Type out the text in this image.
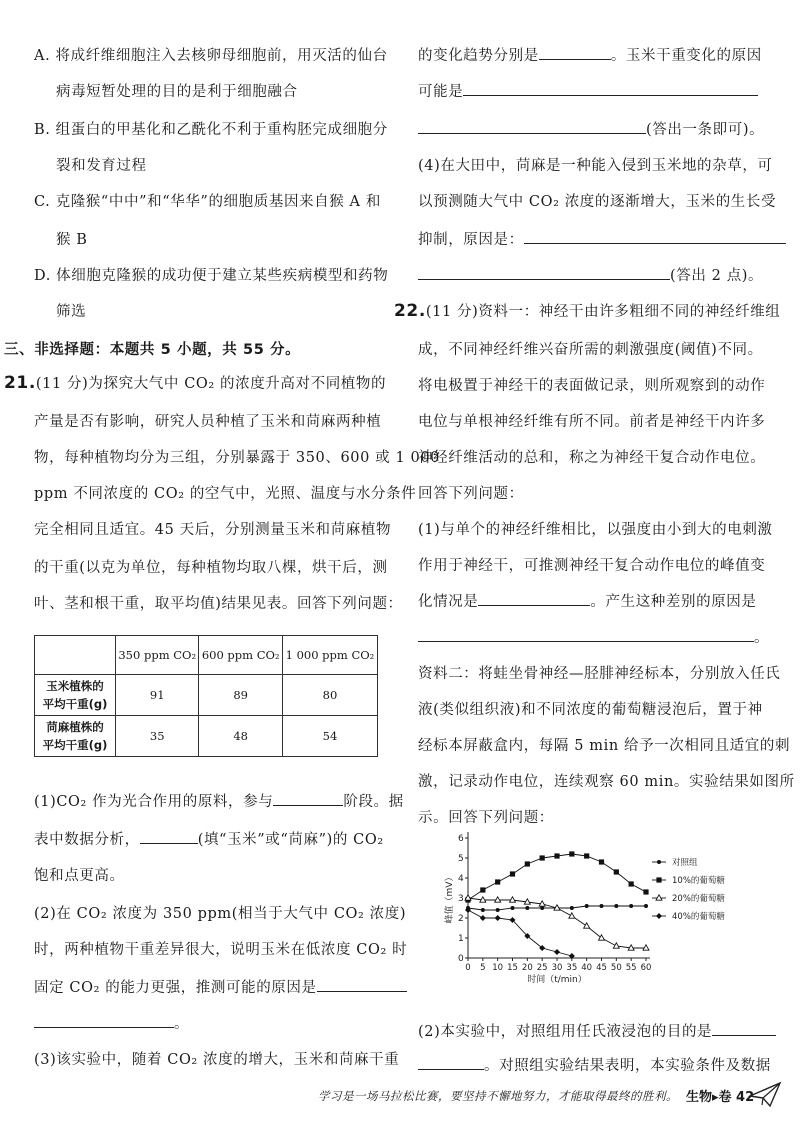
A. 将成纤维细胞注入去核卵母细胞前，用灭活的仙台
病毒短暂处理的目的是利于细胞融合
B. 组蛋白的甲基化和乙酰化不利于重构胚完成细胞分
裂和发育过程
C. 克隆猴“中中”和“华华”的细胞质基因来自猴 A 和
猴 B
D. 体细胞克隆猴的成功便于建立某些疾病模型和药物
筛选
三、非选择题：本题共 5 小题，共 55 分。
21.(11 分)为探究大气中 CO₂ 的浓度升高对不同植物的
产量是否有影响，研究人员种植了玉米和苘麻两种植
物，每种植物均分为三组，分别暴露于 350、600 或 1 000
ppm 不同浓度的 CO₂ 的空气中，光照、温度与水分条件
完全相同且适宜。45 天后，分别测量玉米和苘麻植物
的干重(以克为单位，每种植物均取八棵，烘干后，测
叶、茎和根干重，取平均值)结果见表。回答下列问题：
	350 ppm CO₂	600 ppm CO₂	1 000 ppm CO₂

玉米植株的
平均干重(g)	91	89	80

苘麻植株的
平均干重(g)	35	48	54
(1)CO₂ 作为光合作用的原料，参与	阶段。据
表中数据分析，	(填“玉米”或“苘麻”)的 CO₂
饱和点更高。
(2)在 CO₂ 浓度为 350 ppm(相当于大气中 CO₂ 浓度)
时，两种植物干重差异很大，说明玉米在低浓度 CO₂ 时
固定 CO₂ 的能力更强，推测可能的原因是
。
(3)该实验中，随着 CO₂ 浓度的增大，玉米和苘麻干重
的变化趋势分别是	。玉米干重变化的原因
可能是
(答出一条即可)。
(4)在大田中，苘麻是一种能入侵到玉米地的杂草，可
以预测随大气中 CO₂ 浓度的逐渐增大，玉米的生长受
抑制，原因是：
(答出 2 点)。
22.(11 分)资料一：神经干由许多粗细不同的神经纤维组
成，不同神经纤维兴奋所需的刺激强度(阈值)不同。
将电极置于神经干的表面做记录，则所观察到的动作
电位与单根神经纤维有所不同。前者是神经干内许多
神经纤维活动的总和，称之为神经干复合动作电位。
回答下列问题：
(1)与单个的神经纤维相比，以强度由小到大的电刺激
作用于神经干，可推测神经干复合动作电位的峰值变
化情况是	。产生这种差别的原因是
。
资料二：将蛙坐骨神经—胫腓神经标本，分别放入任氏
液(类似组织液)和不同浓度的葡萄糖浸泡后，置于神
经标本屏蔽盒内，每隔 5 min 给予一次相同且适宜的刺
激，记录动作电位，连续观察 60 min。实验结果如图所
示。回答下列问题：
(2)本实验中，对照组用任氏液浸泡的目的是
。对照组实验结果表明，本实验条件及数据
0
1
2
3
4
5
6
0 5 10 15 20 25 30 35 40 45 50 55 60
峰值（mV）
时间（t/min）
对照组
10%的葡萄糖
20%的葡萄糖
40%的葡萄糖
学习是一场马拉松比赛，要坚持不懈地努力，才能取得最终的胜利。 生物▸卷 42
